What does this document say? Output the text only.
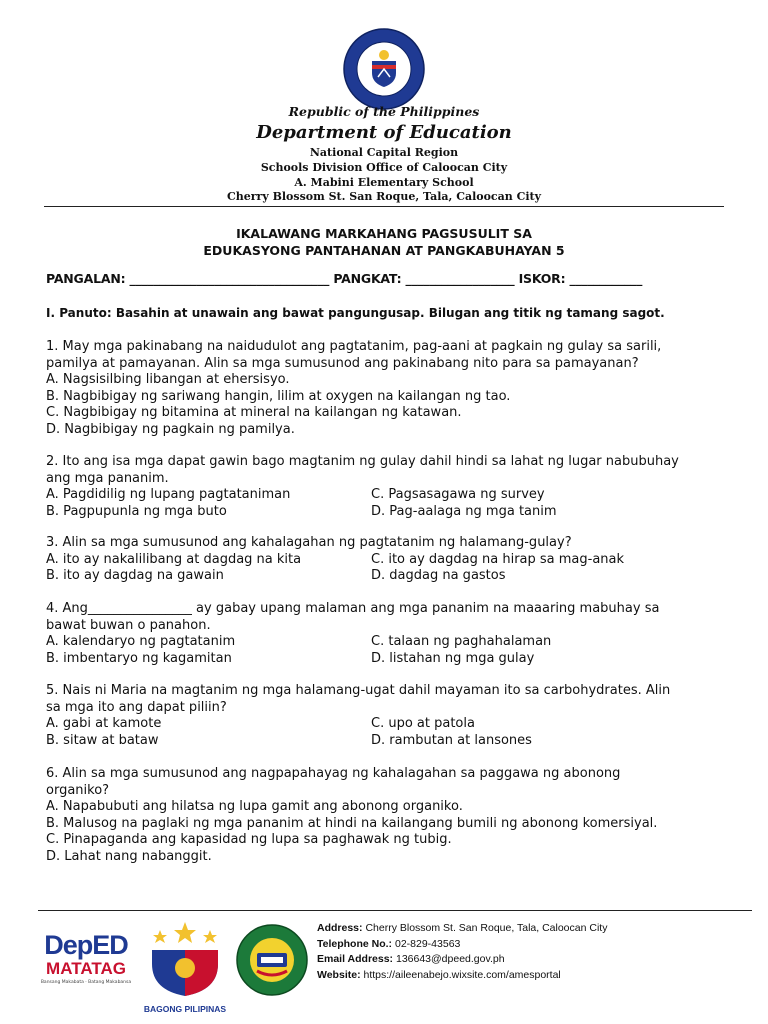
Republic of the Philippines
Department of Education
National Capital Region
Schools Division Office of Caloocan City
A. Mabini Elementary School
Cherry Blossom St. San Roque, Tala, Caloocan City
IKALAWANG MARKAHANG PAGSUSULIT SA
EDUKASYONG PANTAHANAN AT PANGKABUHAYAN 5
PANGALAN: _________________________________ PANGKAT: __________________ ISKOR: ____________
I. Panuto: Basahin at unawain ang bawat pangungusap. Bilugan ang titik ng tamang sagot.

1. May mga pakinabang na naidudulot ang pagtatanim, pag-aani at pagkain ng gulay sa sarili,

pamilya at pamayanan. Alin sa mga sumusunod ang pakinabang nito para sa pamayanan?

A. Nagsisilbing libangan at ehersisyo.

B. Nagbibigay ng sariwang hangin, lilim at oxygen na kailangan ng tao.

C. Nagbibigay ng bitamina at mineral na kailangan ng katawan.

D. Nagbibigay ng pagkain ng pamilya.

2. Ito ang isa mga dapat gawin bago magtanim ng gulay dahil hindi sa lahat ng lugar nabubuhay

ang mga pananim.

A. Pagdidilig ng lupang pagtataniman	C. Pagsasagawa ng survey
B. Pagpupunla ng mga buto	D. Pag-aalaga ng mga tanim

3. Alin sa mga sumusunod ang kahalagahan ng pagtatanim ng halamang-gulay?

A. ito ay nakalilibang at dagdag na kita	C. ito ay dagdag na hirap sa mag-anak
B. ito ay dagdag na gawain	D. dagdag na gastos

4. Ang________________ ay gabay upang malaman ang mga pananim na maaaring mabuhay sa

bawat buwan o panahon.

A. kalendaryo ng pagtatanim	C. talaan ng paghahalaman
B. imbentaryo ng kagamitan	D. listahan ng mga gulay

5. Nais ni Maria na magtanim ng mga halamang-ugat dahil mayaman ito sa carbohydrates. Alin

sa mga ito ang dapat piliin?

A. gabi at kamote	C. upo at patola
B. sitaw at bataw	D. rambutan at lansones

6. Alin sa mga sumusunod ang nagpapahayag ng kahalagahan sa paggawa ng abonong

organiko?

A. Napabubuti ang hilatsa ng lupa gamit ang abonong organiko.

B. Malusog na paglaki ng mga pananim at hindi na kailangang bumili ng abonong komersiyal.

C. Pinapaganda ang kapasidad ng lupa sa paghawak ng tubig.

D. Lahat nang nabanggit.

DepED
MATATAG
Bansang Makabata · Batang Makabansa
BAGONG PILIPINAS
Address: Cherry Blossom St. San Roque, Tala, Caloocan City
Telephone No.: 02-829-43563
Email Address: 136643@dpeed.gov.ph
Website: https://aileenabejo.wixsite.com/amesportal
